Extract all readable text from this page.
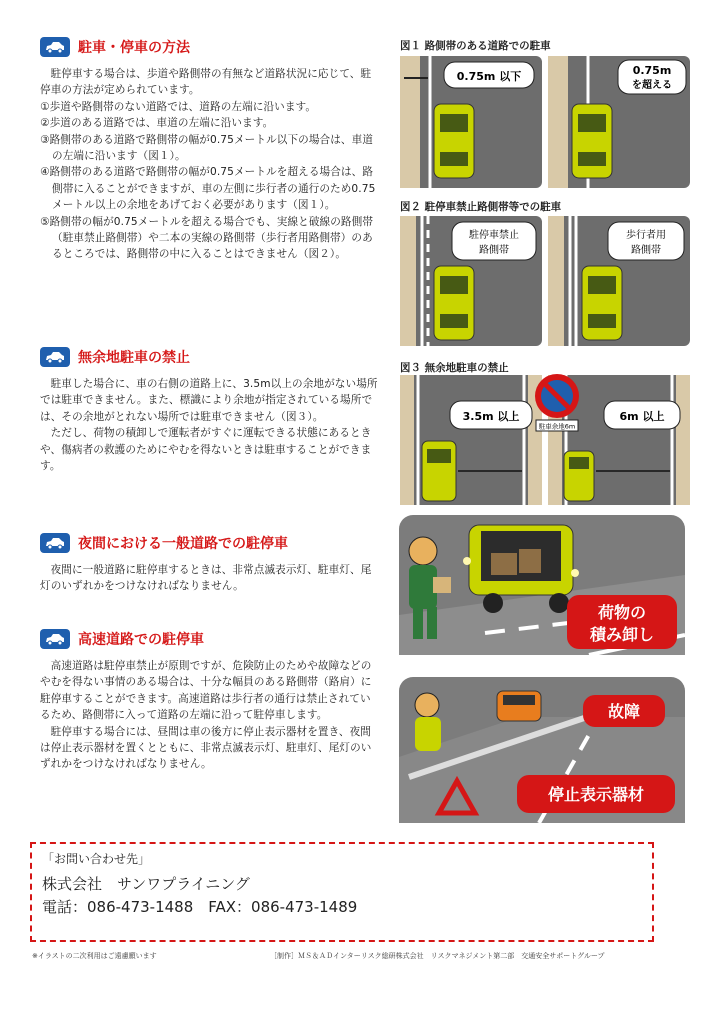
駐車・停車の方法

駐停車する場合は、歩道や路側帯の有無など道路状況に応じて、駐停車の方法が定められています。

①歩道や路側帯のない道路では、道路の左端に沿います。

②歩道のある道路では、車道の左端に沿います。

③路側帯のある道路で路側帯の幅が0.75メートル以下の場合は、車道の左端に沿います（図１）。

④路側帯のある道路で路側帯の幅が0.75メートルを超える場合は、路側帯に入ることができますが、車の左側に歩行者の通行のため0.75メートル以上の余地をあげておく必要があります（図１）。

⑤路側帯の幅が0.75メートルを超える場合でも、実線と破線の路側帯（駐車禁止路側帯）や二本の実線の路側帯（歩行者用路側帯）のあるところでは、路側帯の中に入ることはできません（図２）。

無余地駐車の禁止

駐車した場合に、車の右側の道路上に、3.5m以上の余地がない場所では駐車できません。また、標識により余地が指定されている場所では、その余地がとれない場所では駐車できません（図３）。

ただし、荷物の積卸しで運転者がすぐに運転できる状態にあるときや、傷病者の救護のためにやむを得ないときは駐車することができます。

夜間における一般道路での駐停車

夜間に一般道路に駐停車するときは、非常点滅表示灯、駐車灯、尾灯のいずれかをつけなければなりません。

高速道路での駐停車

高速道路は駐停車禁止が原則ですが、危険防止のためや故障などのやむを得ない事情のある場合は、十分な幅員のある路側帯（路肩）に駐停車することができます。高速道路は歩行者の通行は禁止されているため、路側帯に入って道路の左端に沿って駐停車します。

駐停車する場合には、昼間は車の後方に停止表示器材を置き、夜間は停止表示器材を置くとともに、非常点滅表示灯、駐車灯、尾灯のいずれかをつけなければなりません。

図１ 路側帯のある道路での駐車
0.75m 以下	0.75m
を超える
図２ 駐停車禁止路側帯等での駐車
駐停車禁止
路側帯
歩行者用
路側帯
図３ 無余地駐車の禁止
3.5m 以上	6m 以上
駐車余地6m
荷物の
積み卸し
故障
停止表示器材
「お問い合わせ先」
株式会社　サンワプライニング
電話：086-473-1488　FAX：086-473-1489
※イラストの二次利用はご遠慮願います	［制作］ＭＳ＆ＡＤインターリスク総研株式会社　リスクマネジメント第二部　交通安全サポートグループ
